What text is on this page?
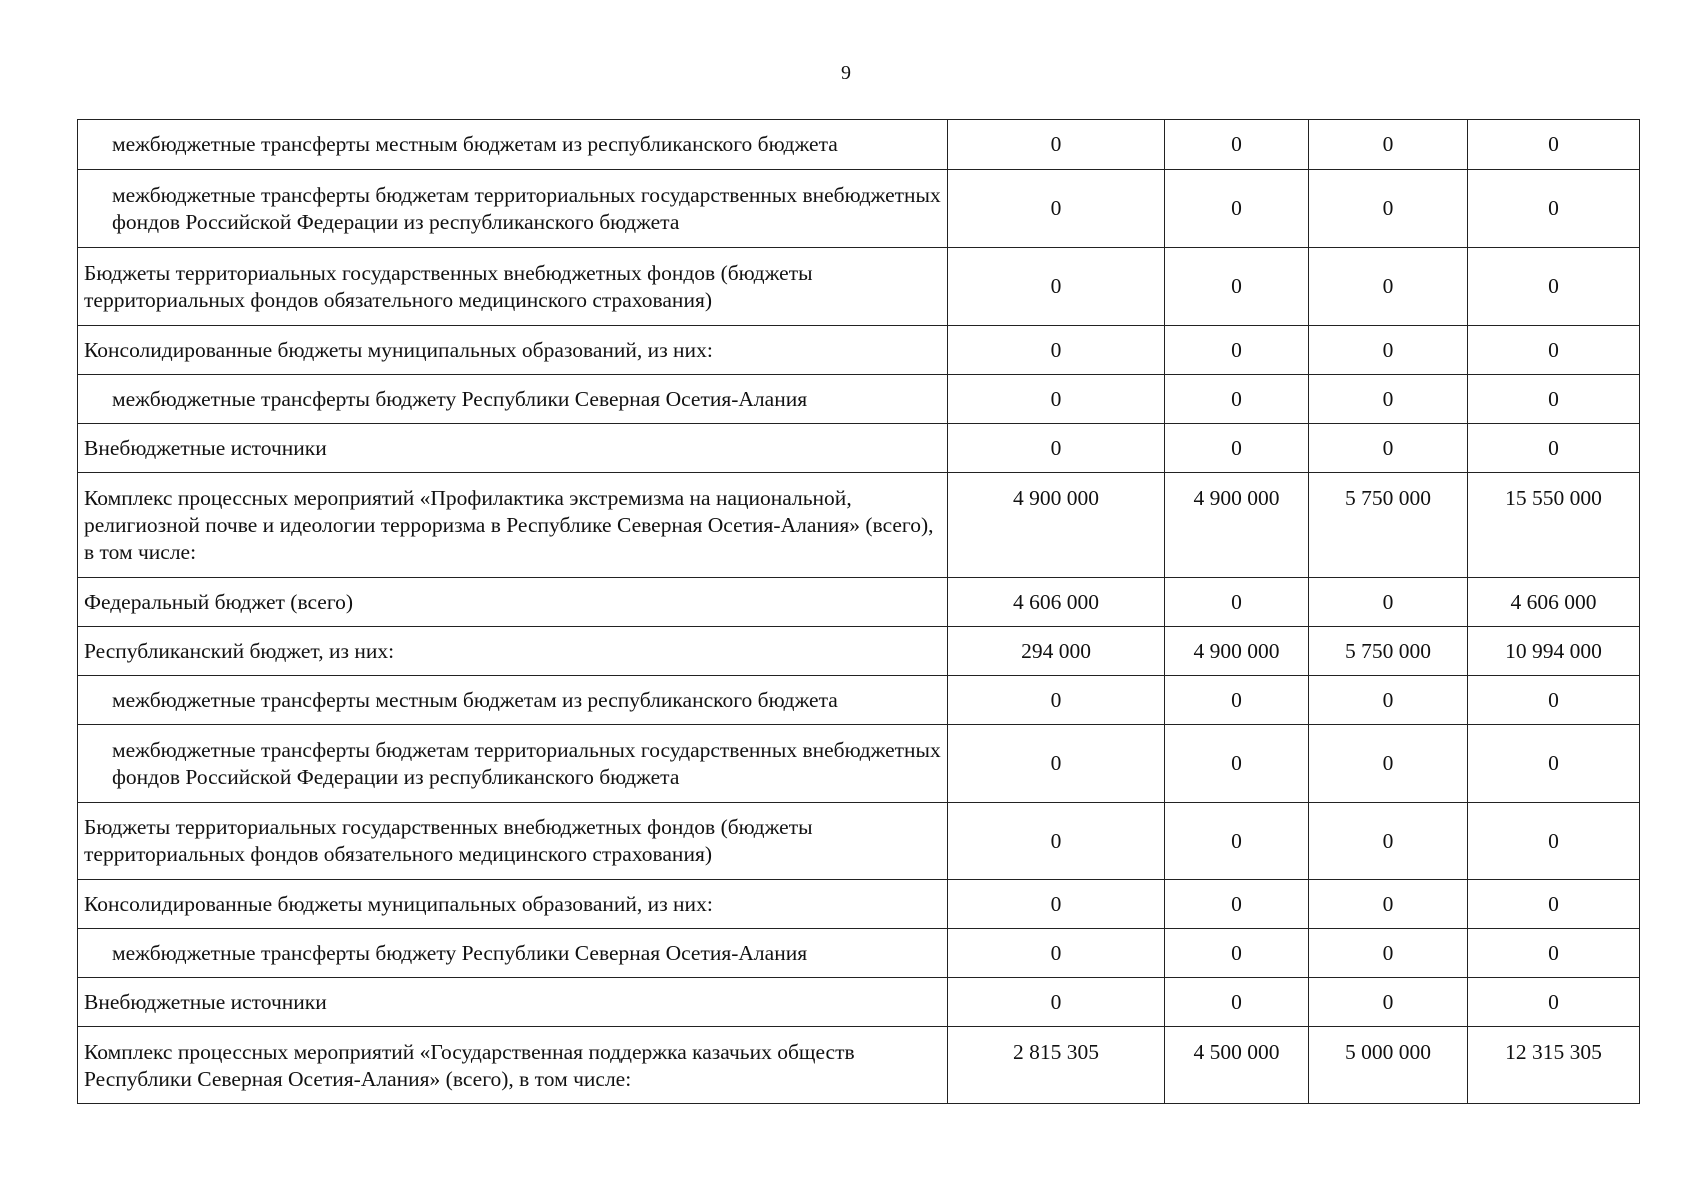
9
межбюджетные трансферты местным бюджетам из республиканского бюджета	0	0	0	0
межбюджетные трансферты бюджетам территориальных государственных внебюджетных фондов Российской Федерации из республиканского бюджета	0	0	0	0
Бюджеты территориальных государственных внебюджетных фондов (бюджеты территориальных фондов обязательного медицинского страхования)	0	0	0	0
Консолидированные бюджеты муниципальных образований, из них:	0	0	0	0
межбюджетные трансферты бюджету Республики Северная Осетия-Алания	0	0	0	0
Внебюджетные источники	0	0	0	0
Комплекс процессных мероприятий «Профилактика экстремизма на национальной, религиозной почве и идеологии терроризма в Республике Северная Осетия-Алания» (всего), в том числе:	4 900 000	4 900 000	5 750 000	15 550 000
Федеральный бюджет (всего)	4 606 000	0	0	4 606 000
Республиканский бюджет, из них:	294 000	4 900 000	5 750 000	10 994 000
межбюджетные трансферты местным бюджетам из республиканского бюджета	0	0	0	0
межбюджетные трансферты бюджетам территориальных государственных внебюджетных фондов Российской Федерации из республиканского бюджета	0	0	0	0
Бюджеты территориальных государственных внебюджетных фондов (бюджеты территориальных фондов обязательного медицинского страхования)	0	0	0	0
Консолидированные бюджеты муниципальных образований, из них:	0	0	0	0
межбюджетные трансферты бюджету Республики Северная Осетия-Алания	0	0	0	0
Внебюджетные источники	0	0	0	0
Комплекс процессных мероприятий «Государственная поддержка казачьих обществ Республики Северная Осетия-Алания» (всего), в том числе:	2 815 305	4 500 000	5 000 000	12 315 305
